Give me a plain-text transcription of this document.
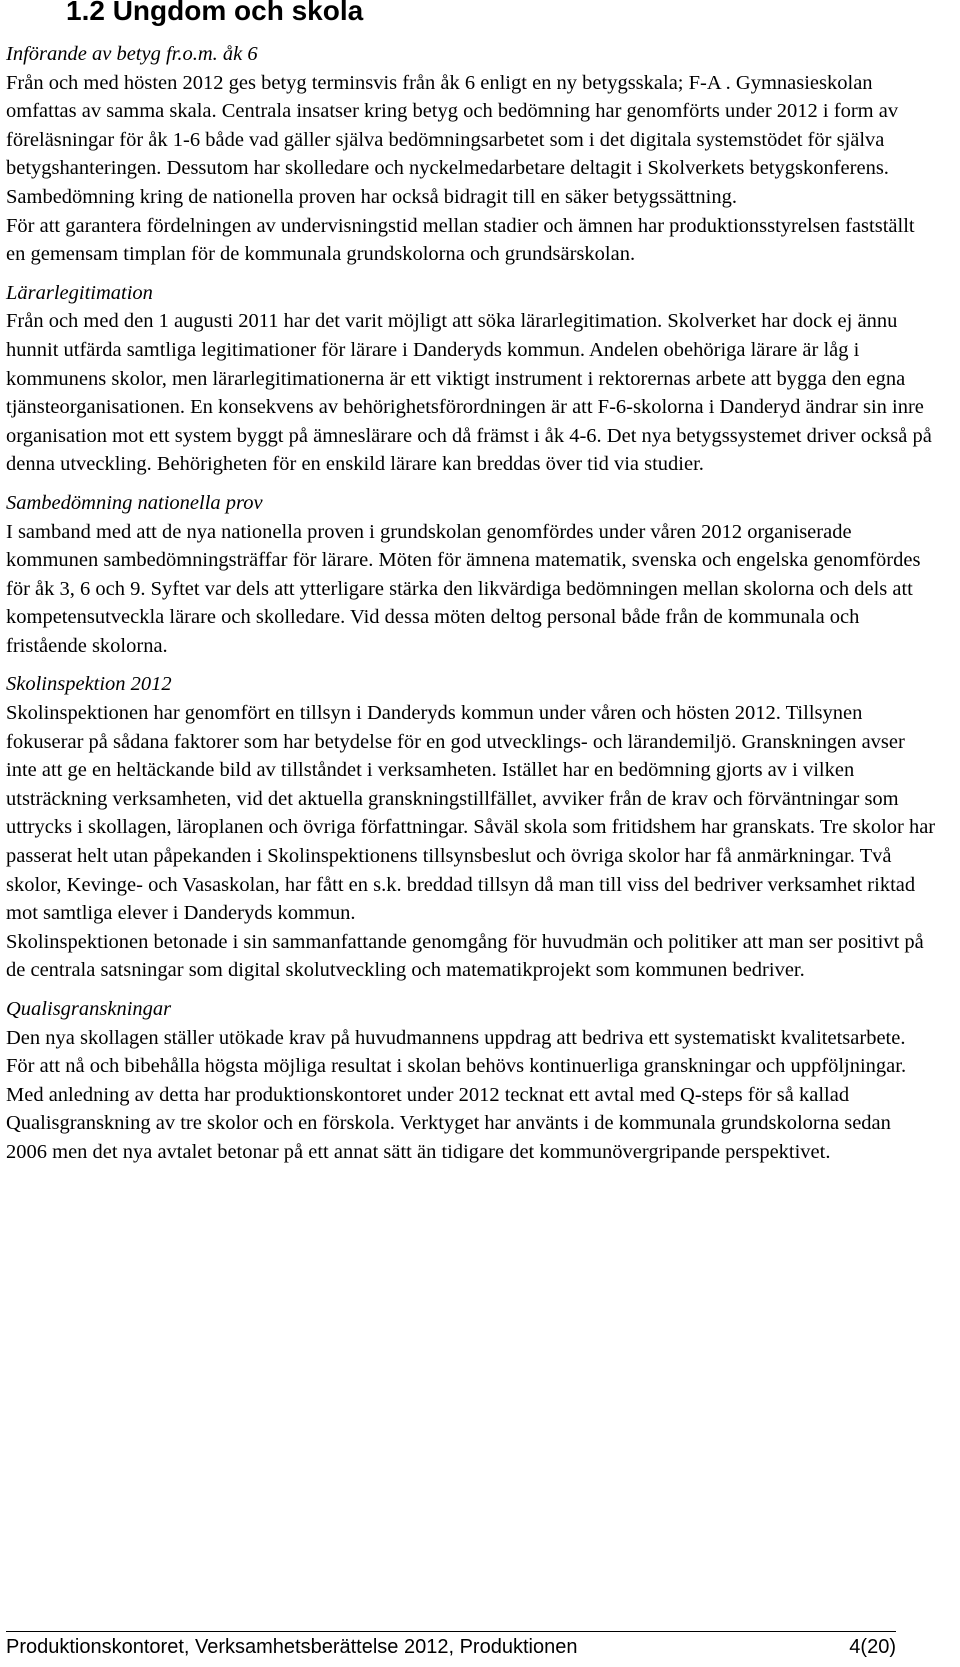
1.2 Ungdom och skola

Införande av betyg fr.o.m. åk 6

Från och med hösten 2012 ges betyg terminsvis från åk 6 enligt en ny betygsskala; F-A . Gymnasieskolan omfattas av samma skala. Centrala insatser kring betyg och bedömning har genomförts under 2012 i form av föreläsningar för åk 1-6 både vad gäller själva bedömningsarbetet som i det digitala systemstödet för själva betygshanteringen. Dessutom har skolledare och nyckelmedarbetare deltagit i Skolverkets betygskonferens. Sambedömning kring de nationella proven har också bidragit till en säker betygssättning.

För att garantera fördelningen av undervisningstid mellan stadier och ämnen har produktionsstyrelsen fastställt en gemensam timplan för de kommunala grundskolorna och grundsärskolan.

Lärarlegitimation

Från och med den 1 augusti 2011 har det varit möjligt att söka lärarlegitimation. Skolverket har dock ej ännu hunnit utfärda samtliga legitimationer för lärare i Danderyds kommun. Andelen obehöriga lärare är låg i kommunens skolor, men lärarlegitimationerna är ett viktigt instrument i rektorernas arbete att bygga den egna tjänsteorganisationen. En konsekvens av behörighetsförordningen är att F-6-skolorna i Danderyd ändrar sin inre organisation mot ett system byggt på ämneslärare och då främst i åk 4-6. Det nya betygssystemet driver också på denna utveckling. Behörigheten för en enskild lärare kan breddas över tid via studier.

Sambedömning nationella prov

I samband med att de nya nationella proven i grundskolan genomfördes under våren 2012 organiserade kommunen sambedömningsträffar för lärare. Möten för ämnena matematik, svenska och engelska genomfördes för åk 3, 6 och 9. Syftet var dels att ytterligare stärka den likvärdiga bedömningen mellan skolorna och dels att kompetensutveckla lärare och skolledare. Vid dessa möten deltog personal både från de kommunala och fristående skolorna.

Skolinspektion 2012

Skolinspektionen har genomfört en tillsyn i Danderyds kommun under våren och hösten 2012. Tillsynen fokuserar på sådana faktorer som har betydelse för en god utvecklings- och lärandemiljö. Granskningen avser inte att ge en heltäckande bild av tillståndet i verksamheten. Istället har en bedömning gjorts av i vilken utsträckning verksamheten, vid det aktuella granskningstillfället, avviker från de krav och förväntningar som uttrycks i skollagen, läroplanen och övriga författningar. Såväl skola som fritidshem har granskats. Tre skolor har passerat helt utan påpekanden i Skolinspektionens tillsynsbeslut och övriga skolor har få anmärkningar. Två skolor, Kevinge- och Vasaskolan, har fått en s.k. breddad tillsyn då man till viss del bedriver verksamhet riktad mot samtliga elever i Danderyds kommun.

Skolinspektionen betonade i sin sammanfattande genomgång för huvudmän och politiker att man ser positivt på de centrala satsningar som digital skolutveckling och matematikprojekt som kommunen bedriver.

Qualisgranskningar

Den nya skollagen ställer utökade krav på huvudmannens uppdrag att bedriva ett systematiskt kvalitetsarbete. För att nå och bibehålla högsta möjliga resultat i skolan behövs kontinuerliga granskningar och uppföljningar. Med anledning av detta har produktionskontoret under 2012 tecknat ett avtal med Q-steps för så kallad Qualisgranskning av tre skolor och en förskola. Verktyget har använts i de kommunala grundskolorna sedan 2006 men det nya avtalet betonar på ett annat sätt än tidigare det kommunövergripande perspektivet.

Produktionskontoret, Verksamhetsberättelse 2012, Produktionen	4(20)
